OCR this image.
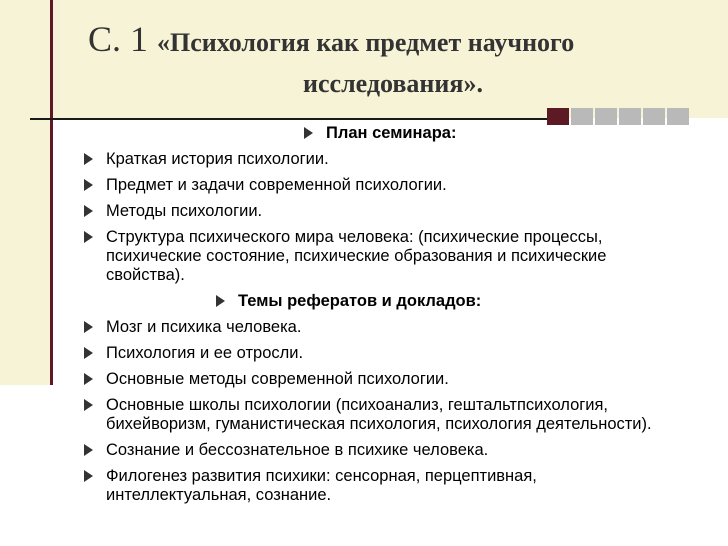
С. 1 «Психология как предмет научного
исследования».
План семинара:
Краткая история психологии.
Предмет и задачи современной психологии.
Методы психологии.
Структура психического мира человека: (психические процессы, психические состояние, психические образования и психические свойства).
Темы рефератов и докладов:
Мозг и психика человека.
Психология и ее отросли.
Основные методы современной психологии.
Основные школы психологии (психоанализ, гештальтпсихология, бихейворизм, гуманистическая психология, психология деятельности).
Сознание и бессознательное в психике человека.
Филогенез развития психики: сенсорная, перцептивная, интеллектуальная, сознание.
